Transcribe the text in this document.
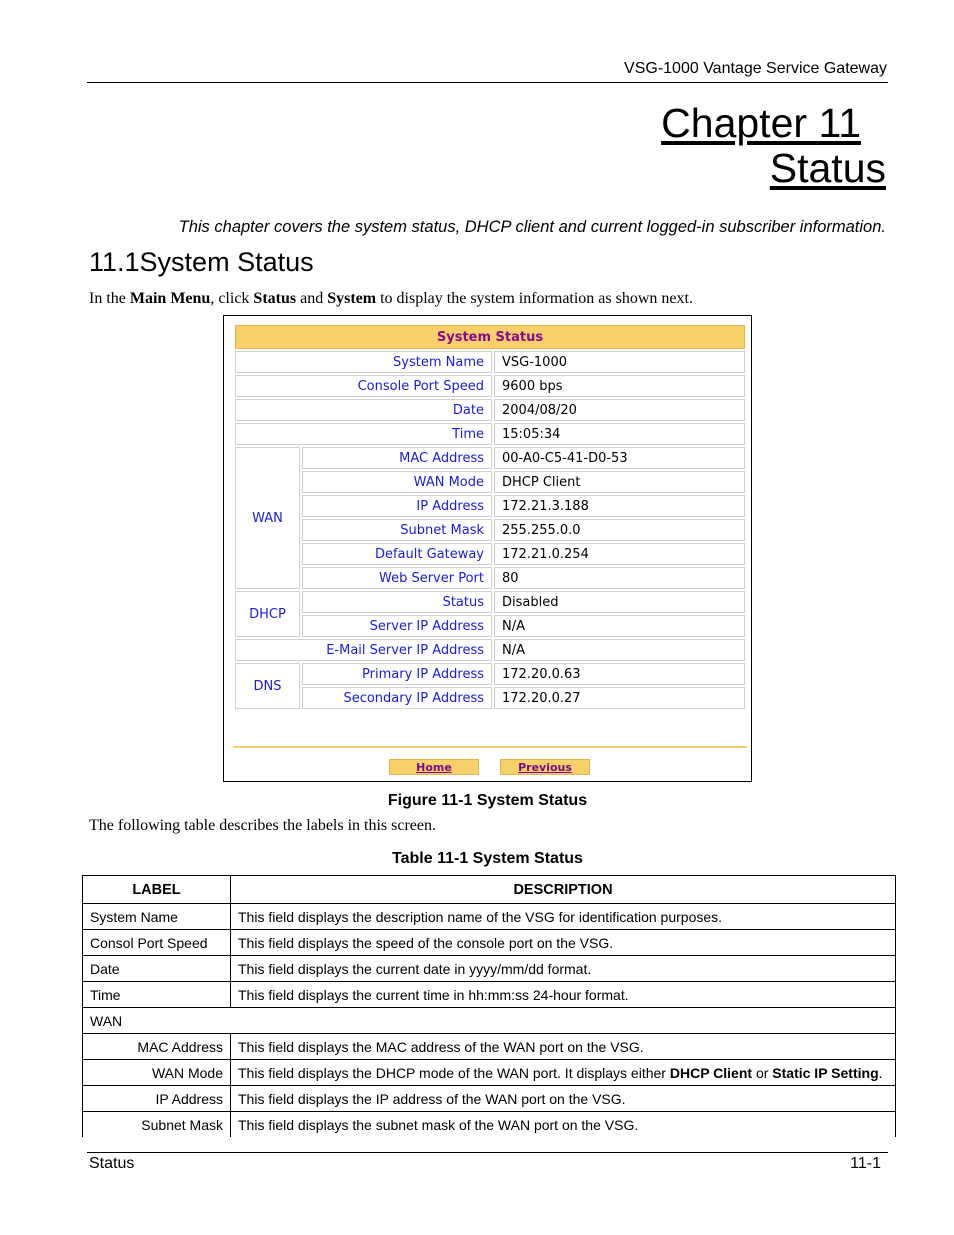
VSG-1000 Vantage Service Gateway
Chapter 11
Status
This chapter covers the system status, DHCP client and current logged-in subscriber information.
11.1System Status
In the Main Menu, click Status and System to display the system information as shown next.
System Status		
System Name		VSG-1000
Console Port Speed		9600 bps
Date		2004/08/20
Time		15:05:34
WAN	MAC Address	00-A0-C5-41-D0-53
	WAN Mode	DHCP Client
	IP Address	172.21.3.188
	Subnet Mask	255.255.0.0
	Default Gateway	172.21.0.254
	Web Server Port	80
DHCP	Status	Disabled
	Server IP Address	N/A
E-Mail Server IP Address		N/A
DNS	Primary IP Address	172.20.0.63
	Secondary IP Address	172.20.0.27
Home	Previous
Figure 11-1 System Status
The following table describes the labels in this screen.
Table 11-1 System Status
LABEL	DESCRIPTION
System Name	This field displays the description name of the VSG for identification purposes.
Consol Port Speed	This field displays the speed of the console port on the VSG.
Date	This field displays the current date in yyyy/mm/dd format.
Time	This field displays the current time in hh:mm:ss 24-hour format.
WAN	
MAC Address	This field displays the MAC address of the WAN port on the VSG.
WAN Mode	This field displays the DHCP mode of the WAN port. It displays either DHCP Client or Static IP Setting.
IP Address	This field displays the IP address of the WAN port on the VSG.
Subnet Mask	This field displays the subnet mask of the WAN port on the VSG.
Status	11-1
